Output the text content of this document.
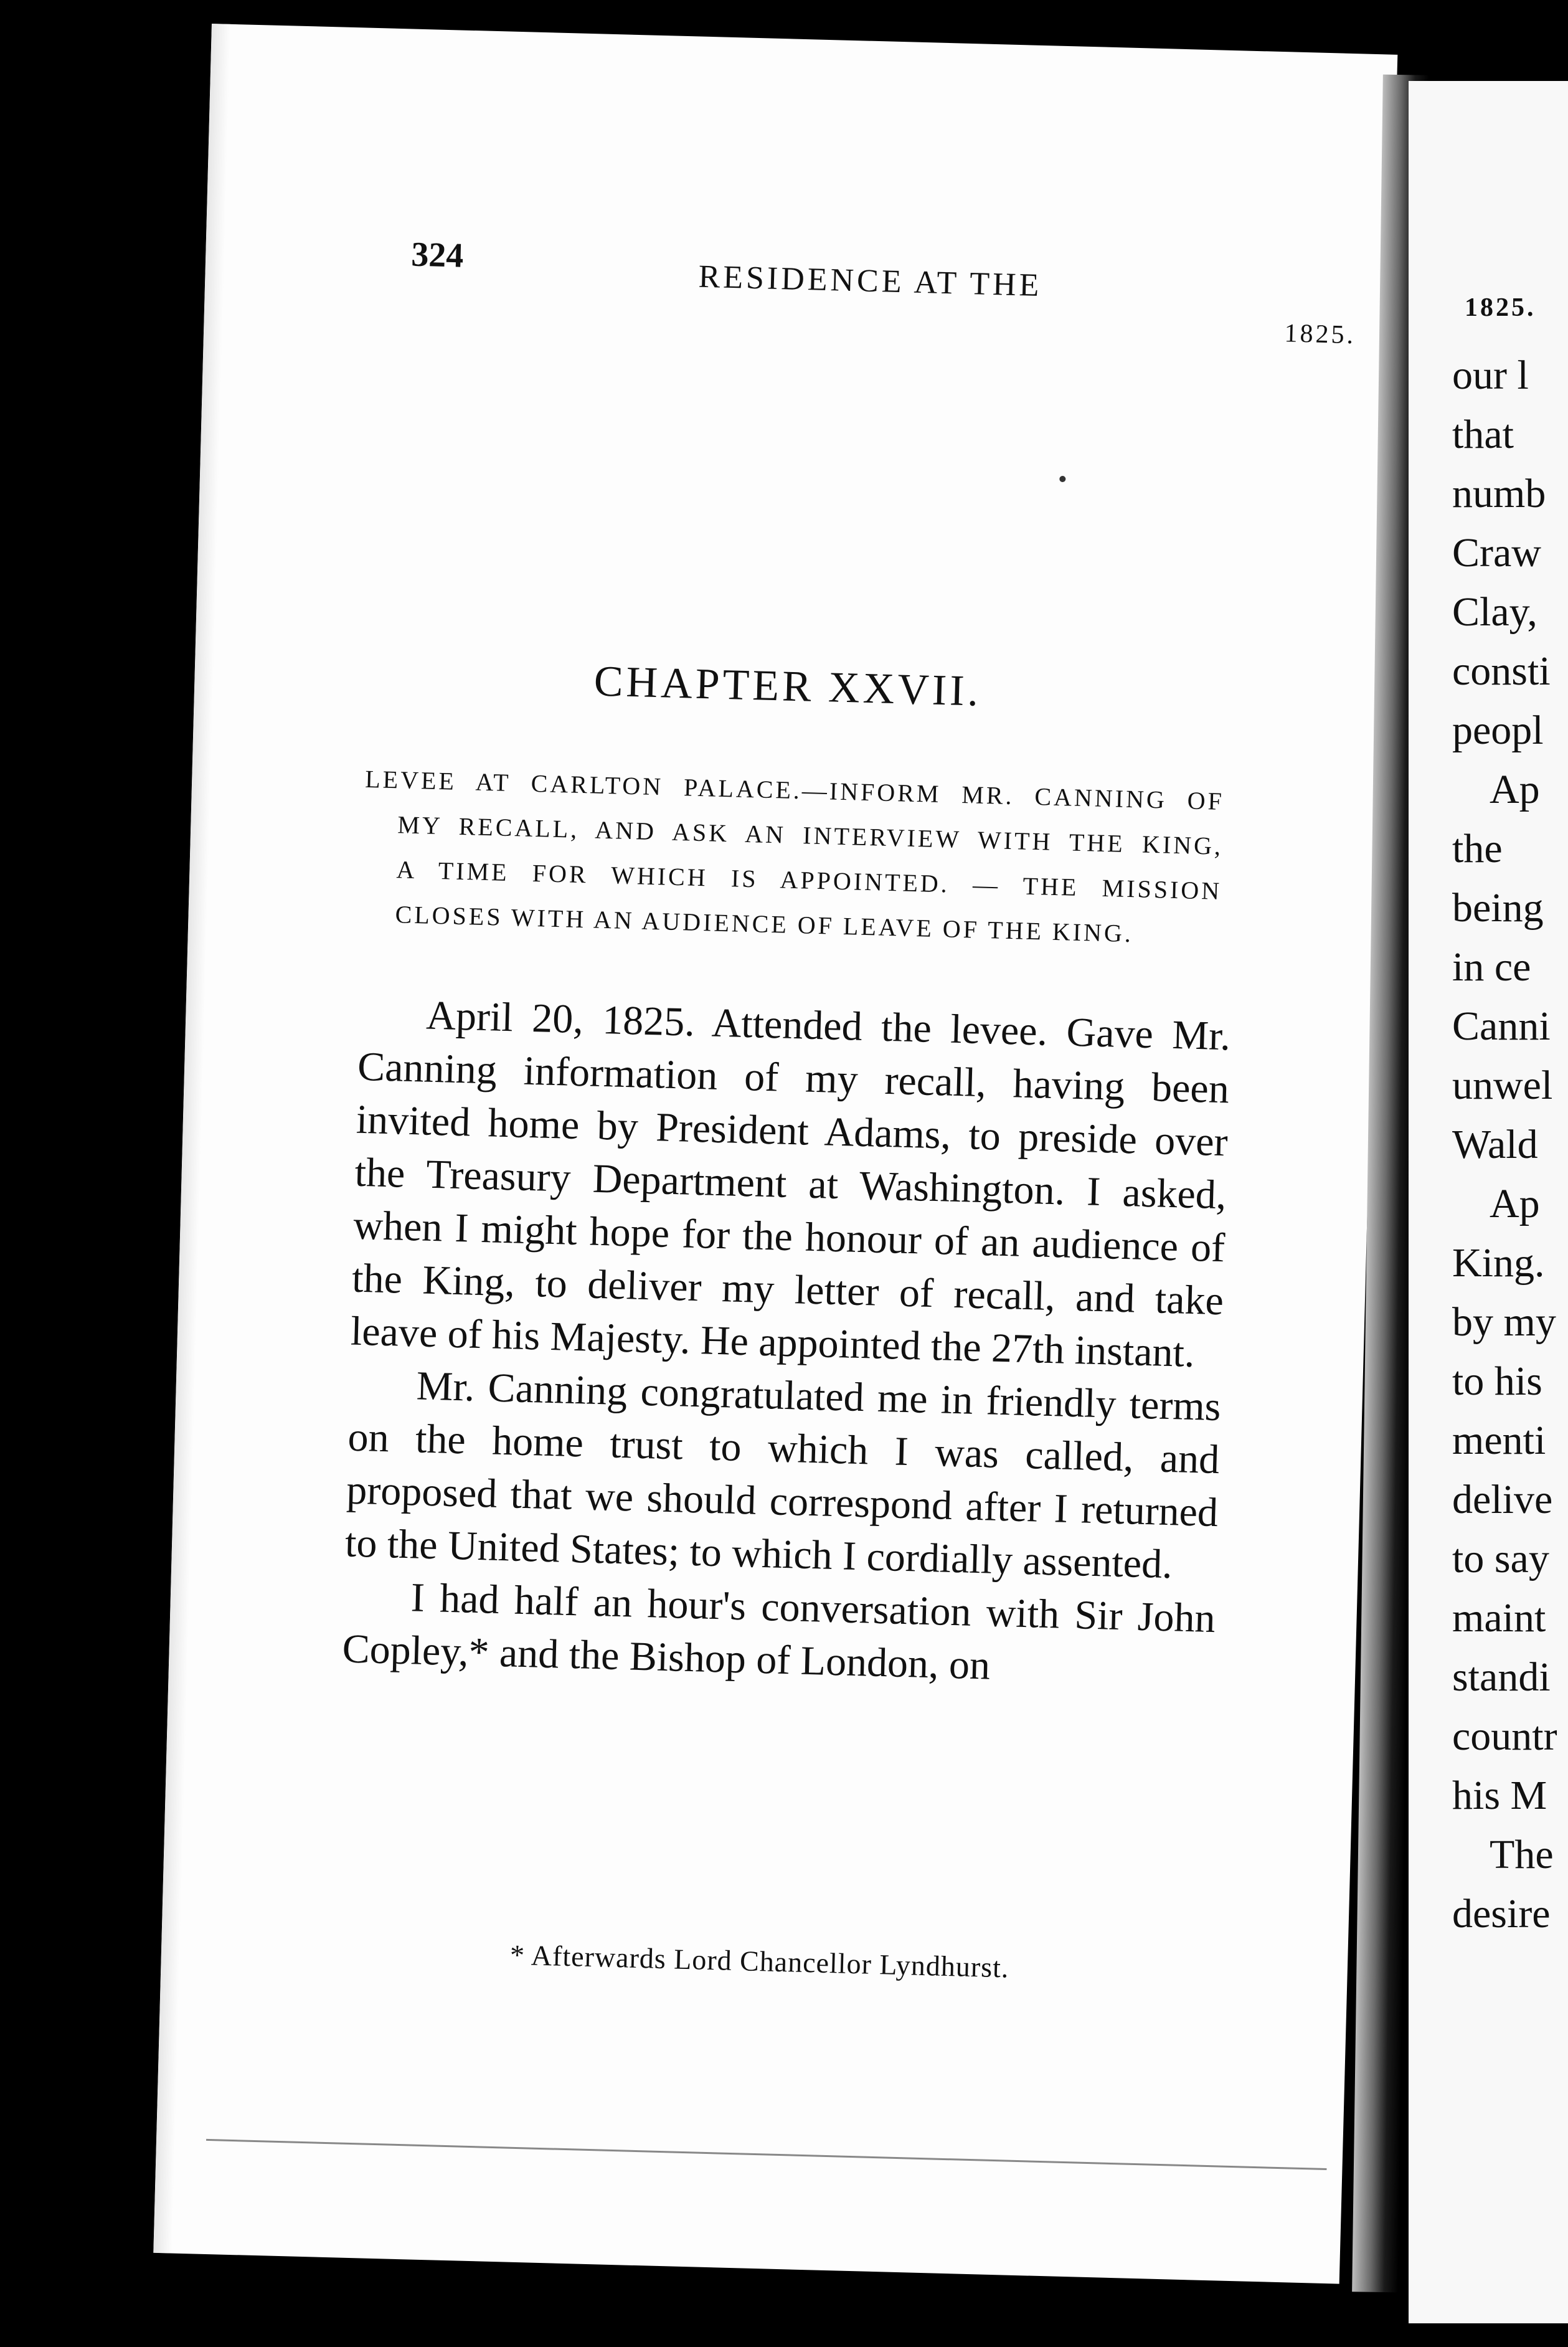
324
RESIDENCE AT THE
1825.
CHAPTER XXVII.
LEVEE AT CARLTON PALACE.—INFORM MR. CANNING OF
MY RECALL, AND ASK AN INTERVIEW WITH THE KING,
A TIME FOR WHICH IS APPOINTED. — THE MISSION
CLOSES WITH AN AUDIENCE OF LEAVE OF THE KING.

April 20, 1825. Attended the levee. Gave Mr. Canning information of my recall, having been invited home by President Adams, to preside over the Treasury Department at Washington. I asked, when I might hope for the honour of an audience of the King, to deliver my letter of recall, and take leave of his Majesty. He appointed the 27th instant.

Mr. Canning congratulated me in friendly terms on the home trust to which I was called, and proposed that we should correspond after I returned to the United States; to which I cordially assented.

I had half an hour's conversation with Sir John Copley,* and the Bishop of London, on

* Afterwards Lord Chancellor Lyndhurst.
1825.
our l
that
numb
Craw
Clay,
consti
peopl
Ap
the
being
in ce
Canni
unwel
Wald
Ap
King.
by my
to his
menti
delive
to say
maint
standi
countr
his M
The
desire
